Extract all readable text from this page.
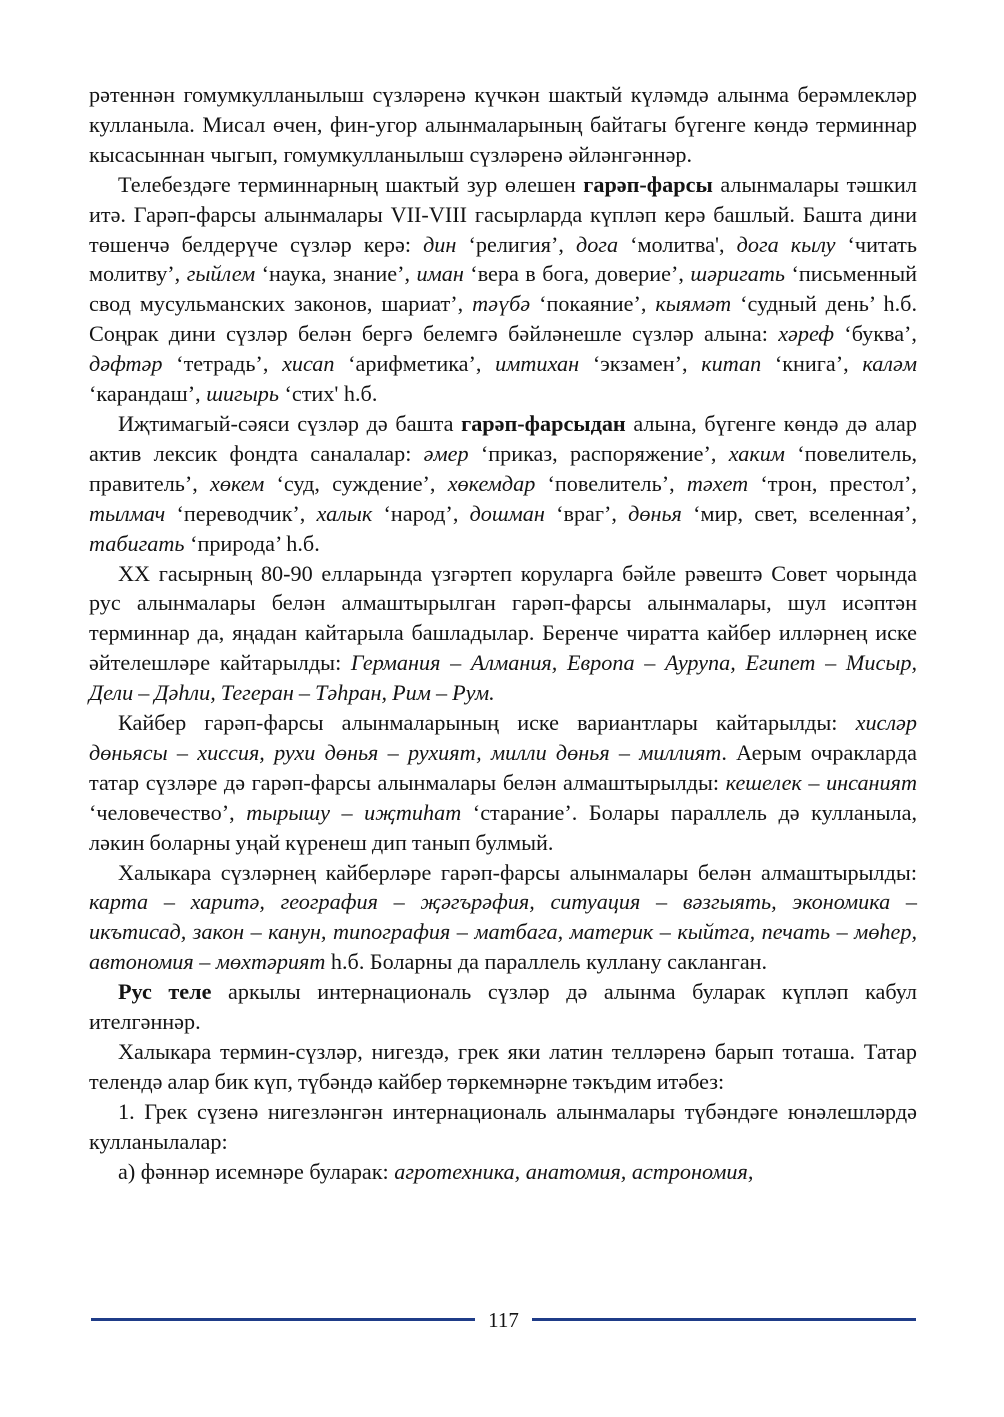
рәтеннән гомумкулланылыш сүзләренә күчкән шактый күләмдә алынма берәмлекләр кулланыла. Мисал өчен, фин-угор алынмаларының байтагы бүгенге көндә терминнар кысасыннан чыгып, гомумкулланылыш сүзләренә әйләнгәннәр.

Телебездәге терминнарның шактый зур өлешен гарәп-фарсы алынмалары тәшкил итә. Гарәп-фарсы алынмалары VII-VIII гасырларда күпләп керә башлый. Башта дини төшенчә белдерүче сүзләр керә: дин ‘религия’, дога ‘молитва', дога кылу ‘читать молитву’, гыйлем ‘наука, знание’, иман ‘вера в бога, доверие’, шәригать ‘письменный свод мусульманских законов, шариат’, тәүбә ‘покаяние’, кыямәт ‘судный день’ һ.б. Соңрак дини сүзләр белән бергә белемгә бәйләнешле сүзләр алына: хәреф ‘буква’, дәфтәр ‘тетрадь’, хисап ‘арифметика’, имтихан ‘экзамен’, китап ‘книга’, каләм ‘карандаш’, шигырь ‘стих' һ.б.

Иҗтимагый-сәяси сүзләр дә башта гарәп-фарсыдан алына, бүгенге көндә дә алар актив лексик фондта саналалар: әмер ‘приказ, распоряжение’, хаким ‘повелитель, правитель’, хөкем ‘суд, суждение’, хөкемдар ‘повелитель’, тәхет ‘трон, престол’, тылмач ‘переводчик’, халык ‘народ’, дошман ‘враг’, дөнья ‘мир, свет, вселенная’, табигать ‘природа’ һ.б.

XX гасырның 80-90 елларында үзгәртеп коруларга бәйле рәвештә Совет чорында рус алынмалары белән алмаштырылган гарәп-фарсы алынмалары, шул исәптән терминнар да, яңадан кайтарыла башладылар. Беренче чиратта кайбер илләрнең иске әйтелешләре кайтарылды: Германия – Алмания, Европа – Аурупа, Египет – Мисыр, Дели – Дәһли, Тегеран – Тәһран, Рим – Рум.

Кайбер гарәп-фарсы алынмаларының иске вариантлары кайтарылды: хисләр дөньясы – хиссия, рухи дөнья – рухият, милли дөнья – миллият. Аерым очракларда татар сүзләре дә гарәп-фарсы алынмалары белән алмаштырылды: кешелек – инсаният ‘человечество’, тырышу – иҗтиһат ‘старание’. Болары параллель дә кулланыла, ләкин боларны уңай күренеш дип танып булмый.

Халыкара сүзләрнең кайберләре гарәп-фарсы алынмалары белән алмаштырылды: карта – харитә, география – җәгърәфия, ситуация – вәзгыять, экономика – икътисад, закон – канун, типография – матбага, материк – кыйтга, печать – мөһер, автономия – мөхтәрият һ.б. Боларны да параллель куллану сакланган.

Рус теле аркылы интернациональ сүзләр дә алынма буларак күпләп кабул ителгәннәр.

Халыкара термин-сүзләр, нигездә, грек яки латин телләренә барып тоташа. Татар телендә алар бик күп, түбәндә кайбер төркемнәрне тәкъдим итәбез:

1. Грек сүзенә нигезләнгән интернациональ алынмалары түбәндәге юнәлешләрдә кулланылалар:

а) фәннәр исемнәре буларак: агротехника, анатомия, астрономия,

117
